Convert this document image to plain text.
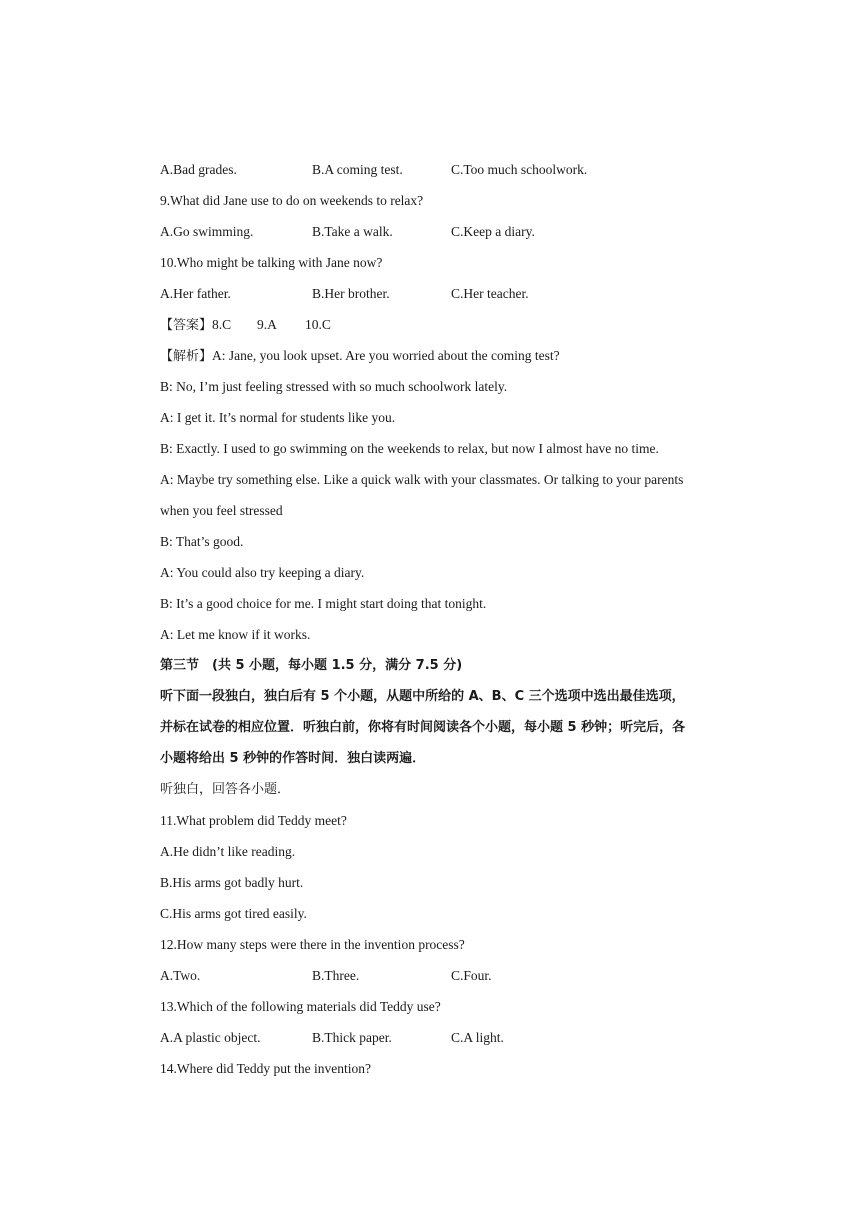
A.Bad grades.	B.A coming test.	C.Too much schoolwork.
9.What did Jane use to do on weekends to relax?
A.Go swimming.	B.Take a walk.	C.Keep a diary.
10.Who might be talking with Jane now?
A.Her father.	B.Her brother.	C.Her teacher.
【答案】8.C 9.A 10.C
【解析】A: Jane, you look upset. Are you worried about the coming test?
B: No, I’m just feeling stressed with so much schoolwork lately.
A: I get it. It’s normal for students like you.
B: Exactly. I used to go swimming on the weekends to relax, but now I almost have no time.
A: Maybe try something else. Like a quick walk with your classmates. Or talking to your parents
when you feel stressed
B: That’s good.
A: You could also try keeping a diary.
B: It’s a good choice for me. I might start doing that tonight.
A: Let me know if it works.
第三节　(共 5 小题，每小题 1.5 分，满分 7.5 分)
听下面一段独白，独白后有 5 个小题，从题中所给的 A、B、C 三个选项中选出最佳选项，
并标在试卷的相应位置．听独白前，你将有时间阅读各个小题，每小题 5 秒钟；听完后，各
小题将给出 5 秒钟的作答时间．独白读两遍．
听独白，回答各小题．
11.What problem did Teddy meet?
A.He didn’t like reading.
B.His arms got badly hurt.
C.His arms got tired easily.
12.How many steps were there in the invention process?
A.Two.	B.Three.	C.Four.
13.Which of the following materials did Teddy use?
A.A plastic object.	B.Thick paper.	C.A light.
14.Where did Teddy put the invention?
